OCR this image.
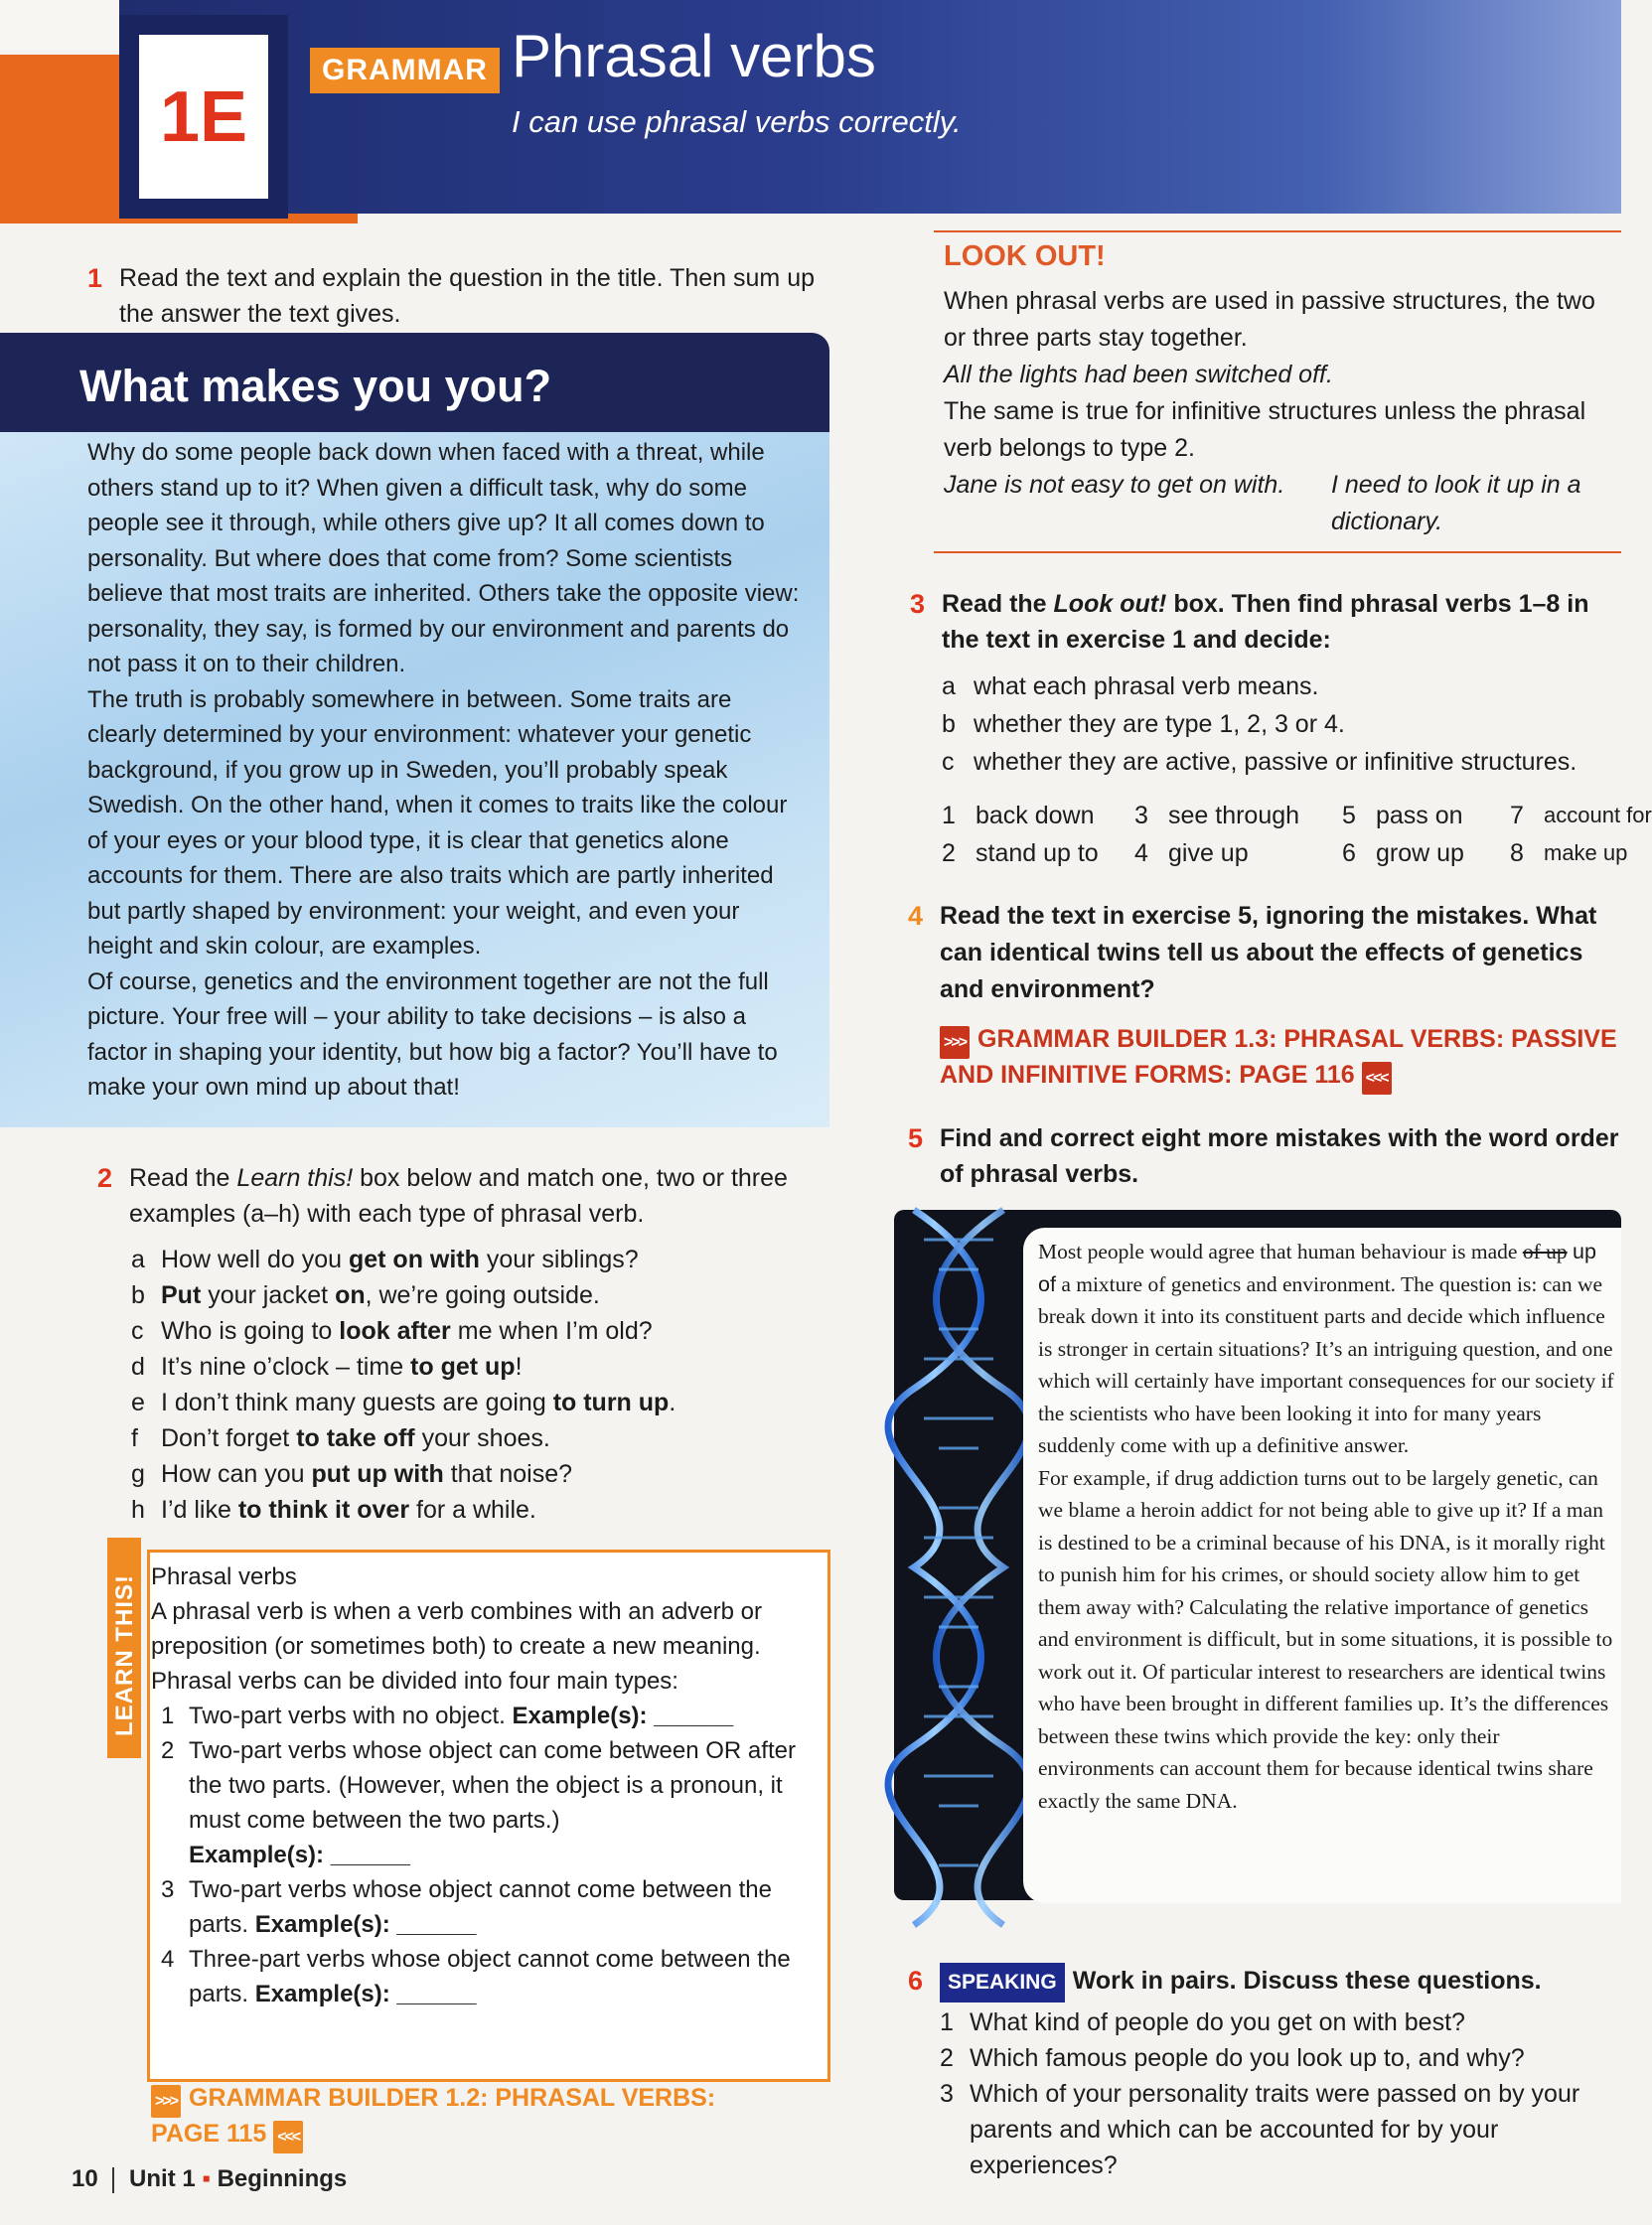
1E
GRAMMAR Phrasal verbs
I can use phrasal verbs correctly.
1 Read the text and explain the question in the title. Then sum up the answer the text gives.
What makes you you?

Why do some people back down when faced with a threat, while others stand up to it? When given a difficult task, why do some people see it through, while others give up? It all comes down to personality. But where does that come from? Some scientists believe that most traits are inherited. Others take the opposite view: personality, they say, is formed by our environment and parents do not pass it on to their children.

The truth is probably somewhere in between. Some traits are clearly determined by your environment: whatever your genetic background, if you grow up in Sweden, you’ll probably speak Swedish. On the other hand, when it comes to traits like the colour of your eyes or your blood type, it is clear that genetics alone accounts for them. There are also traits which are partly inherited but partly shaped by environment: your weight, and even your height and skin colour, are examples.

Of course, genetics and the environment together are not the full picture. Your free will – your ability to take decisions – is also a factor in shaping your identity, but how big a factor? You’ll have to make your own mind up about that!

2 Read the Learn this! box below and match one, two or three examples (a–h) with each type of phrasal verb.
a How well do you get on with your siblings?
b Put your jacket on, we’re going outside.
c Who is going to look after me when I’m old?
d It’s nine o’clock – time to get up!
e I don’t think many guests are going to turn up.
f Don’t forget to take off your shoes.
g How can you put up with that noise?
h I’d like to think it over for a while.
LEARN THIS! Phrasal verbs
A phrasal verb is when a verb combines with an adverb or preposition (or sometimes both) to create a new meaning. Phrasal verbs can be divided into four main types:
1 Two-part verbs with no object. Example(s): ______
2 Two-part verbs whose object can come between OR after the two parts. (However, when the object is a pronoun, it must come between the two parts.)
Example(s): ______
3 Two-part verbs whose object cannot come between the parts. Example(s): ______
4 Three-part verbs whose object cannot come between the parts. Example(s): ______
>>> GRAMMAR BUILDER 1.2: PHRASAL VERBS:
PAGE 115 <<<
LOOK OUT!

When phrasal verbs are used in passive structures, the two or three parts stay together.

All the lights had been switched off.

The same is true for infinitive structures unless the phrasal verb belongs to type 2.

Jane is not easy to get on with.	I need to look it up in a dictionary.
3 Read the Look out! box. Then find phrasal verbs 1–8 in the text in exercise 1 and decide:
a what each phrasal verb means.
b whether they are type 1, 2, 3 or 4.
c whether they are active, passive or infinitive structures.
1 back down	3 see through	5 pass on	7 account for
2 stand up to	4 give up	6 grow up	8 make up
4 Read the text in exercise 5, ignoring the mistakes. What can identical twins tell us about the effects of genetics and environment?
>>> GRAMMAR BUILDER 1.3: PHRASAL VERBS: PASSIVE
AND INFINITIVE FORMS: PAGE 116 <<<
5 Find and correct eight more mistakes with the word order of phrasal verbs.

Most people would agree that human behaviour is made of up up of a mixture of genetics and environment. The question is: can we break down it into its constituent parts and decide which influence is stronger in certain situations? It’s an intriguing question, and one which will certainly have important consequences for our society if the scientists who have been looking it into for many years suddenly come with up a definitive answer.

For example, if drug addiction turns out to be largely genetic, can we blame a heroin addict for not being able to give up it? If a man is destined to be a criminal because of his DNA, is it morally right to punish him for his crimes, or should society allow him to get them away with? Calculating the relative importance of genetics and environment is difficult, but in some situations, it is possible to work out it. Of particular interest to researchers are identical twins who have been brought in different families up. It’s the differences between these twins which provide the key: only their environments can account them for because identical twins share exactly the same DNA.

6 SPEAKING Work in pairs. Discuss these questions.
1 What kind of people do you get on with best?
2 Which famous people do you look up to, and why?
3 Which of your personality traits were passed on by your parents and which can be accounted for by your experiences?
10 Unit 1 ▪ Beginnings
